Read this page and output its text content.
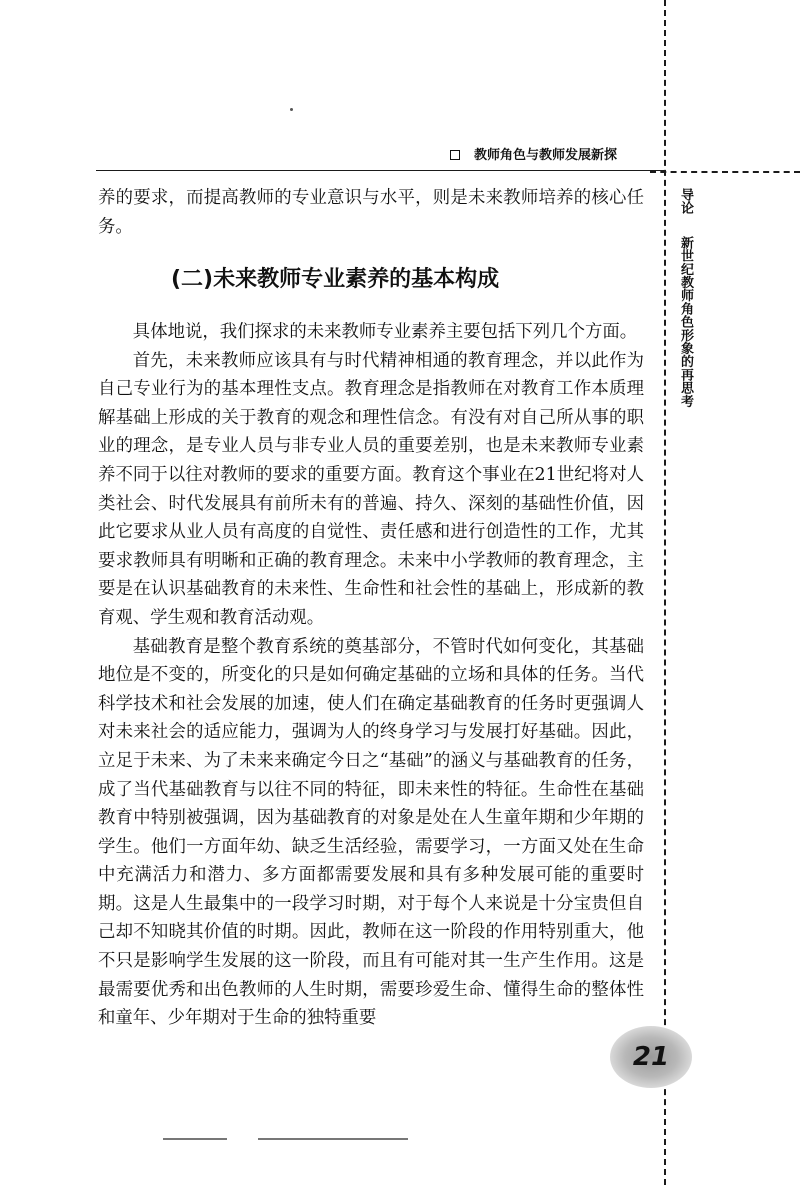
教师角色与教师发展新探
导论新世纪教师角色形象的再思考

养的要求，而提高教师的专业意识与水平，则是未来教师培养的核心任务。

(二)未来教师专业素养的基本构成

具体地说，我们探求的未来教师专业素养主要包括下列几个方面。

首先，未来教师应该具有与时代精神相通的教育理念，并以此作为自己专业行为的基本理性支点。教育理念是指教师在对教育工作本质理解基础上形成的关于教育的观念和理性信念。有没有对自己所从事的职业的理念，是专业人员与非专业人员的重要差别，也是未来教师专业素养不同于以往对教师的要求的重要方面。教育这个事业在21世纪将对人类社会、时代发展具有前所未有的普遍、持久、深刻的基础性价值，因此它要求从业人员有高度的自觉性、责任感和进行创造性的工作，尤其要求教师具有明晰和正确的教育理念。未来中小学教师的教育理念，主要是在认识基础教育的未来性、生命性和社会性的基础上，形成新的教育观、学生观和教育活动观。

基础教育是整个教育系统的奠基部分，不管时代如何变化，其基础地位是不变的，所变化的只是如何确定基础的立场和具体的任务。当代科学技术和社会发展的加速，使人们在确定基础教育的任务时更强调人对未来社会的适应能力，强调为人的终身学习与发展打好基础。因此，立足于未来、为了未来来确定今日之“基础”的涵义与基础教育的任务，成了当代基础教育与以往不同的特征，即未来性的特征。生命性在基础教育中特别被强调，因为基础教育的对象是处在人生童年期和少年期的学生。他们一方面年幼、缺乏生活经验，需要学习，一方面又处在生命中充满活力和潜力、多方面都需要发展和具有多种发展可能的重要时期。这是人生最集中的一段学习时期，对于每个人来说是十分宝贵但自己却不知晓其价值的时期。因此，教师在这一阶段的作用特别重大，他不只是影响学生发展的这一阶段，而且有可能对其一生产生作用。这是最需要优秀和出色教师的人生时期，需要珍爱生命、懂得生命的整体性和童年、少年期对于生命的独特重要

21
